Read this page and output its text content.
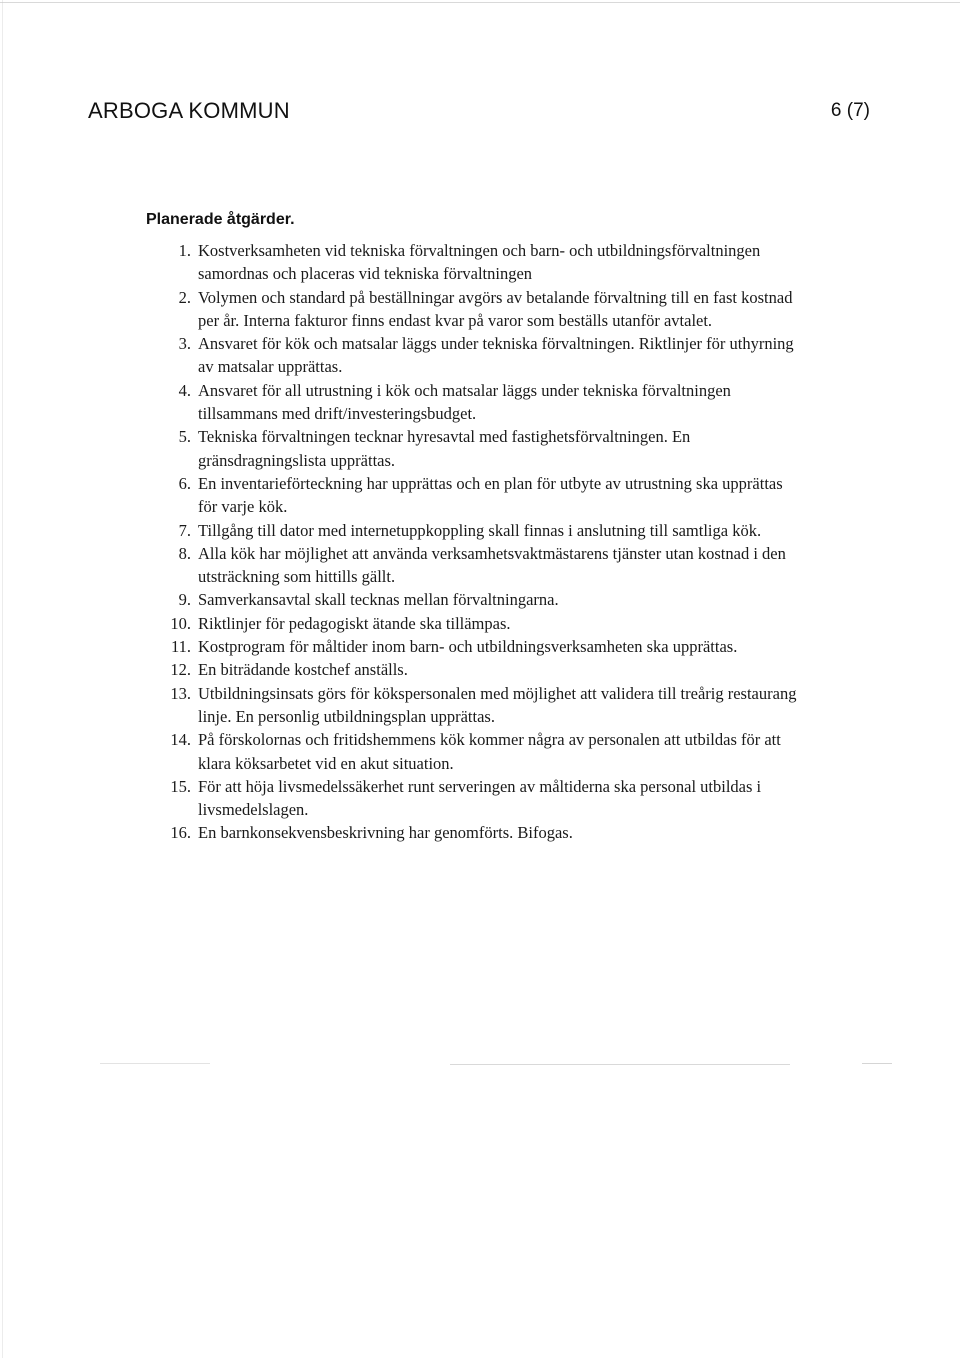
ARBOGA KOMMUN	6 (7)
Planerade åtgärder.
1. Kostverksamheten vid tekniska förvaltningen och barn- och utbildningsförvaltningen samordnas och placeras vid tekniska förvaltningen
2. Volymen och standard på beställningar avgörs av betalande förvaltning till en fast kostnad per år. Interna fakturor finns endast kvar på varor som beställs utanför avtalet.
3. Ansvaret för kök och matsalar läggs under tekniska förvaltningen. Riktlinjer för uthyrning av matsalar upprättas.
4. Ansvaret för all utrustning i kök och matsalar läggs under tekniska förvaltningen tillsammans med drift/investeringsbudget.
5. Tekniska förvaltningen tecknar hyresavtal med fastighetsförvaltningen. En gränsdragningslista upprättas.
6. En inventarieförteckning har upprättas och en plan för utbyte av utrustning ska upprättas för varje kök.
7. Tillgång till dator med internetuppkoppling skall finnas i anslutning till samtliga kök.
8. Alla kök har möjlighet att använda verksamhetsvaktmästarens tjänster utan kostnad i den utsträckning som hittills gällt.
9. Samverkansavtal skall tecknas mellan förvaltningarna.
10. Riktlinjer för pedagogiskt ätande ska tillämpas.
11. Kostprogram för måltider inom barn- och utbildningsverksamheten ska upprättas.
12. En biträdande kostchef anställs.
13. Utbildningsinsats görs för kökspersonalen med möjlighet att validera till treårig restaurang linje. En personlig utbildningsplan upprättas.
14. På förskolornas och fritidshemmens kök kommer några av personalen att utbildas för att klara köksarbetet vid en akut situation.
15. För att höja livsmedelssäkerhet runt serveringen av måltiderna ska personal utbildas i livsmedelslagen.
16. En barnkonsekvensbeskrivning har genomförts. Bifogas.
